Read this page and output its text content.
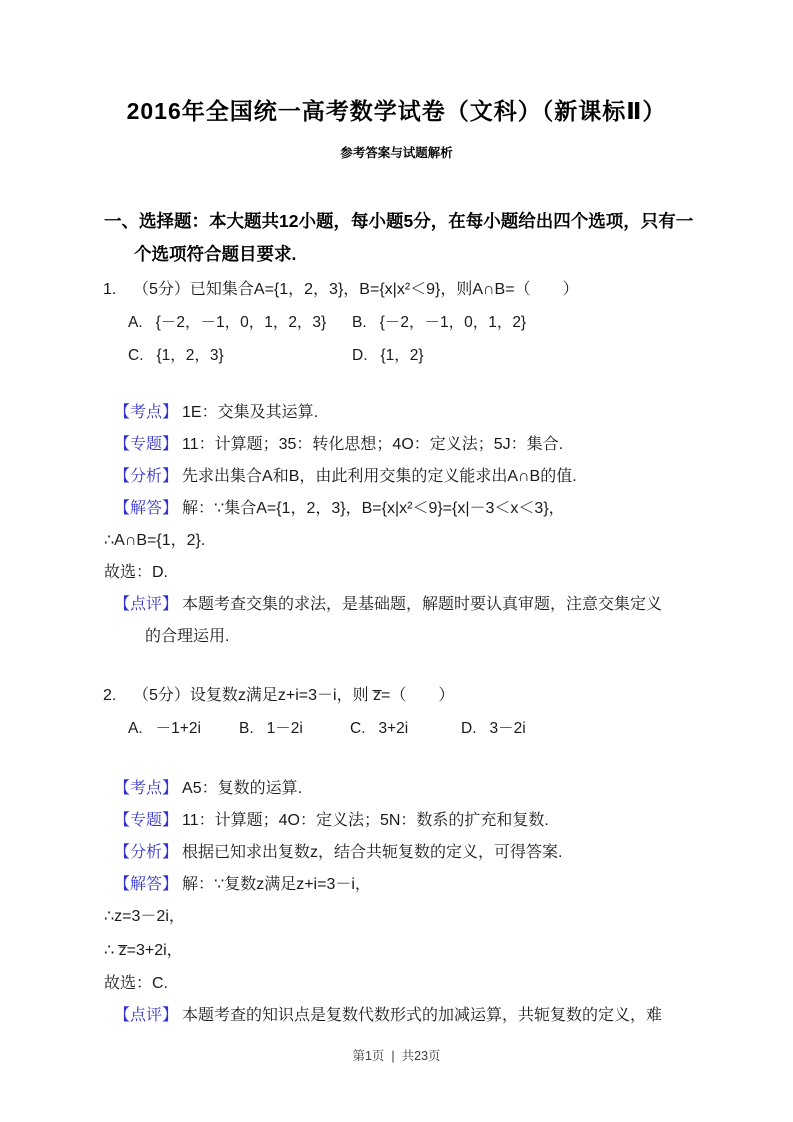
2016年全国统一高考数学试卷（文科）（新课标Ⅱ）
参考答案与试题解析
一、选择题：本大题共12小题，每小题5分，在每小题给出四个选项，只有一
个选项符合题目要求.

1. （5分）已知集合A={1，2，3}，B={x|x²＜9}，则A∩B=（　　）

A. {－2，－1，0，1，2，3}	B. {－2，－1，0，1，2}
C. {1，2，3}	D. {1，2}

【考点】 1E：交集及其运算.

【专题】 11：计算题；35：转化思想；4O：定义法；5J：集合.

【分析】 先求出集合A和B，由此利用交集的定义能求出A∩B的值.

【解答】 解：∵集合A={1，2，3}，B={x|x²＜9}={x|－3＜x＜3}，

∴A∩B={1，2}.

故选：D.

【点评】 本题考查交集的求法，是基础题，解题时要认真审题，注意交集定义

的合理运用.

2. （5分）设复数z满足z+i=3－i，则 z̅=（　　）

A. －1+2i	B. 1－2i	C. 3+2i	D. 3－2i

【考点】 A5：复数的运算.

【专题】 11：计算题；4O：定义法；5N：数系的扩充和复数.

【分析】 根据已知求出复数z，结合共轭复数的定义，可得答案.

【解答】 解：∵复数z满足z+i=3－i，

∴z=3－2i，

∴ z̅=3+2i，

故选：C.

【点评】 本题考查的知识点是复数代数形式的加减运算，共轭复数的定义，难

第1页 | 共23页
